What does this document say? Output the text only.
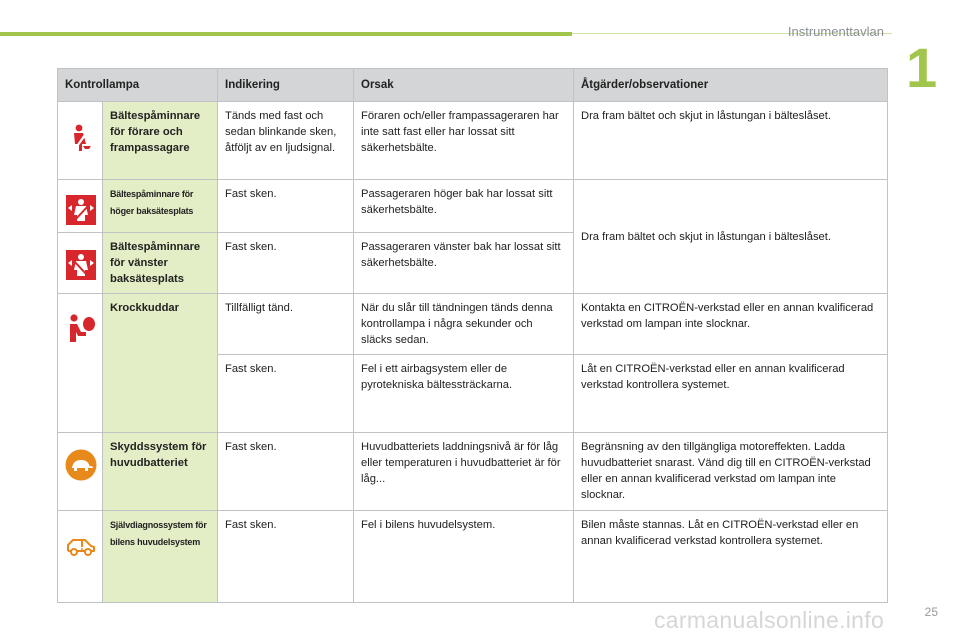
Instrumenttavlan
1
Kontrollampa		Indikering	Orsak	Åtgärder/observationer

	Bältespåminnare för förare och frampassagare	Tänds med fast och sedan blinkande sken, åtföljt av en ljudsignal.	Föraren och/eller frampassageraren har inte satt fast eller har lossat sitt säkerhetsbälte.	Dra fram bältet och skjut in låstungan i bälteslåset.

	Bältespåminnare för höger baksätesplats	Fast sken.	Passageraren höger bak har lossat sitt säkerhetsbälte.	Dra fram bältet och skjut in låstungan i bälteslåset.

	Bältespåminnare för vänster baksätesplats	Fast sken.	Passageraren vänster bak har lossat sitt säkerhetsbälte.	

	Krockkuddar	Tillfälligt tänd.	När du slår till tändningen tänds denna kontrollampa i några sekunder och släcks sedan.	Kontakta en CITROËN-verkstad eller en annan kvalificerad verkstad om lampan inte slocknar.
		Fast sken.	Fel i ett airbagsystem eller de pyrotekniska bältessträckarna.	Låt en CITROËN-verkstad eller en annan kvalificerad verkstad kontrollera systemet.

	Skyddssystem för huvudbatteriet	Fast sken.	Huvudbatteriets laddningsnivå är för låg eller temperaturen i huvudbatteriet är för låg...	Begränsning av den tillgängliga motoreffekten. Ladda huvudbatteriet snarast. Vänd dig till en CITROËN-verkstad eller en annan kvalificerad verkstad om lampan inte slocknar.

	Självdiagnossystem för bilens huvudelsystem	Fast sken.	Fel i bilens huvudelsystem.	Bilen måste stannas. Låt en CITROËN-verkstad eller en annan kvalificerad verkstad kontrollera systemet.
carmanualsonline.info	25
